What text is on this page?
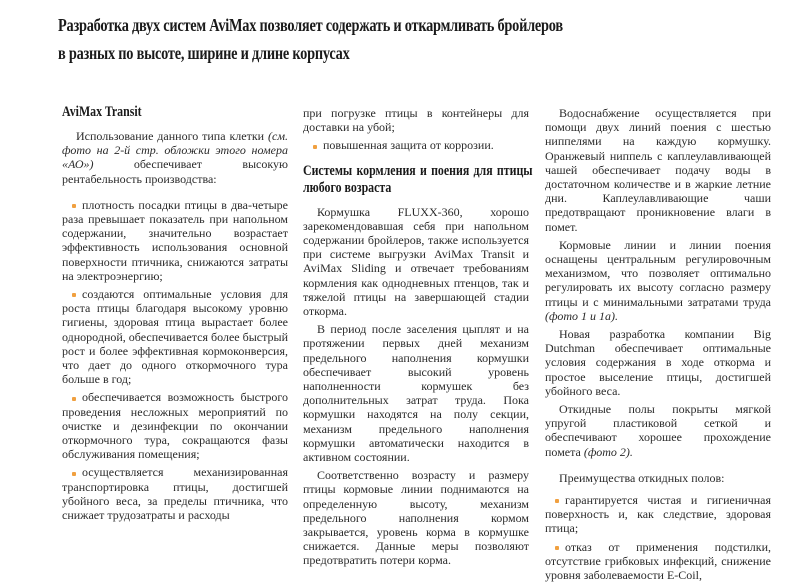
Разработка двух систем AviMax позволяет содержать и откармливать бройлеров
в разных по высоте, ширине и длине корпусах
AviMax Transit

Использование данного типа клетки (см. фото на 2-й стр. обложки этого номера «АО») обеспечивает высокую рентабельность производства:

плотность посадки птицы в два-четыре раза превышает показатель при напольном содержании, значительно возрастает эффективность использования основной поверхности птичника, снижаются затраты на электроэнергию;
создаются оптимальные условия для роста птицы благодаря высокому уровню гигиены, здоровая птица вырастает более однородной, обеспечивается более быстрый рост и более эффективная кормоконверсия, что дает до одного откормочного тура больше в год;
обеспечивается возможность быстрого проведения несложных мероприятий по очистке и дезинфекции по окончании откормочного тура, сокращаются фазы обслуживания помещения;
осуществляется механизированная транспортировка птицы, достигшей убойного веса, за пределы птичника, что снижает трудозатраты и расходы

при погрузке птицы в контейнеры для доставки на убой;

повышенная защита от коррозии.
Системы кормления и поения для птицы любого возраста

Кормушка FLUXX-360, хорошо зарекомендовавшая себя при напольном содержании бройлеров, также используется при системе выгрузки AviMax Transit и AviMax Sliding и отвечает требованиям кормления как однодневных птенцов, так и тяжелой птицы на завершающей стадии откорма.

В период после заселения цыплят и на протяжении первых дней механизм предельного наполнения кормушки обеспечивает высокий уровень наполненности кормушек без дополнительных затрат труда. Пока кормушки находятся на полу секции, механизм предельного наполнения кормушки автоматически находится в активном состоянии.

Соответственно возрасту и размеру птицы кормовые линии поднимаются на определенную высоту, механизм предельного наполнения кормом закрывается, уровень корма в кормушке снижается. Данные меры позволяют предотвратить потери корма.

Водоснабжение осуществляется при помощи двух линий поения с шестью ниппелями на каждую кормушку. Оранжевый ниппель с каплеулавливающей чашей обеспечивает подачу воды в достаточном количестве и в жаркие летние дни. Каплеулавливающие чаши предотвращают проникновение влаги в помет.

Кормовые линии и линии поения оснащены центральным регулировочным механизмом, что позволяет оптимально регулировать их высоту согласно размеру птицы и с минимальными затратами труда (фото 1 и 1а).

Новая разработка компании Big Dutchman обеспечивает оптимальные условия содержания в ходе откорма и простое выселение птицы, достигшей убойного веса.

Откидные полы покрыты мягкой упругой пластиковой сеткой и обеспечивают хорошее прохождение помета (фото 2).

Преимущества откидных полов:

гарантируется чистая и гигиеничная поверхность и, как следствие, здоровая птица;
отказ от применения подстилки, отсутствие грибковых инфекций, снижение уровня заболеваемости E-Coil,
